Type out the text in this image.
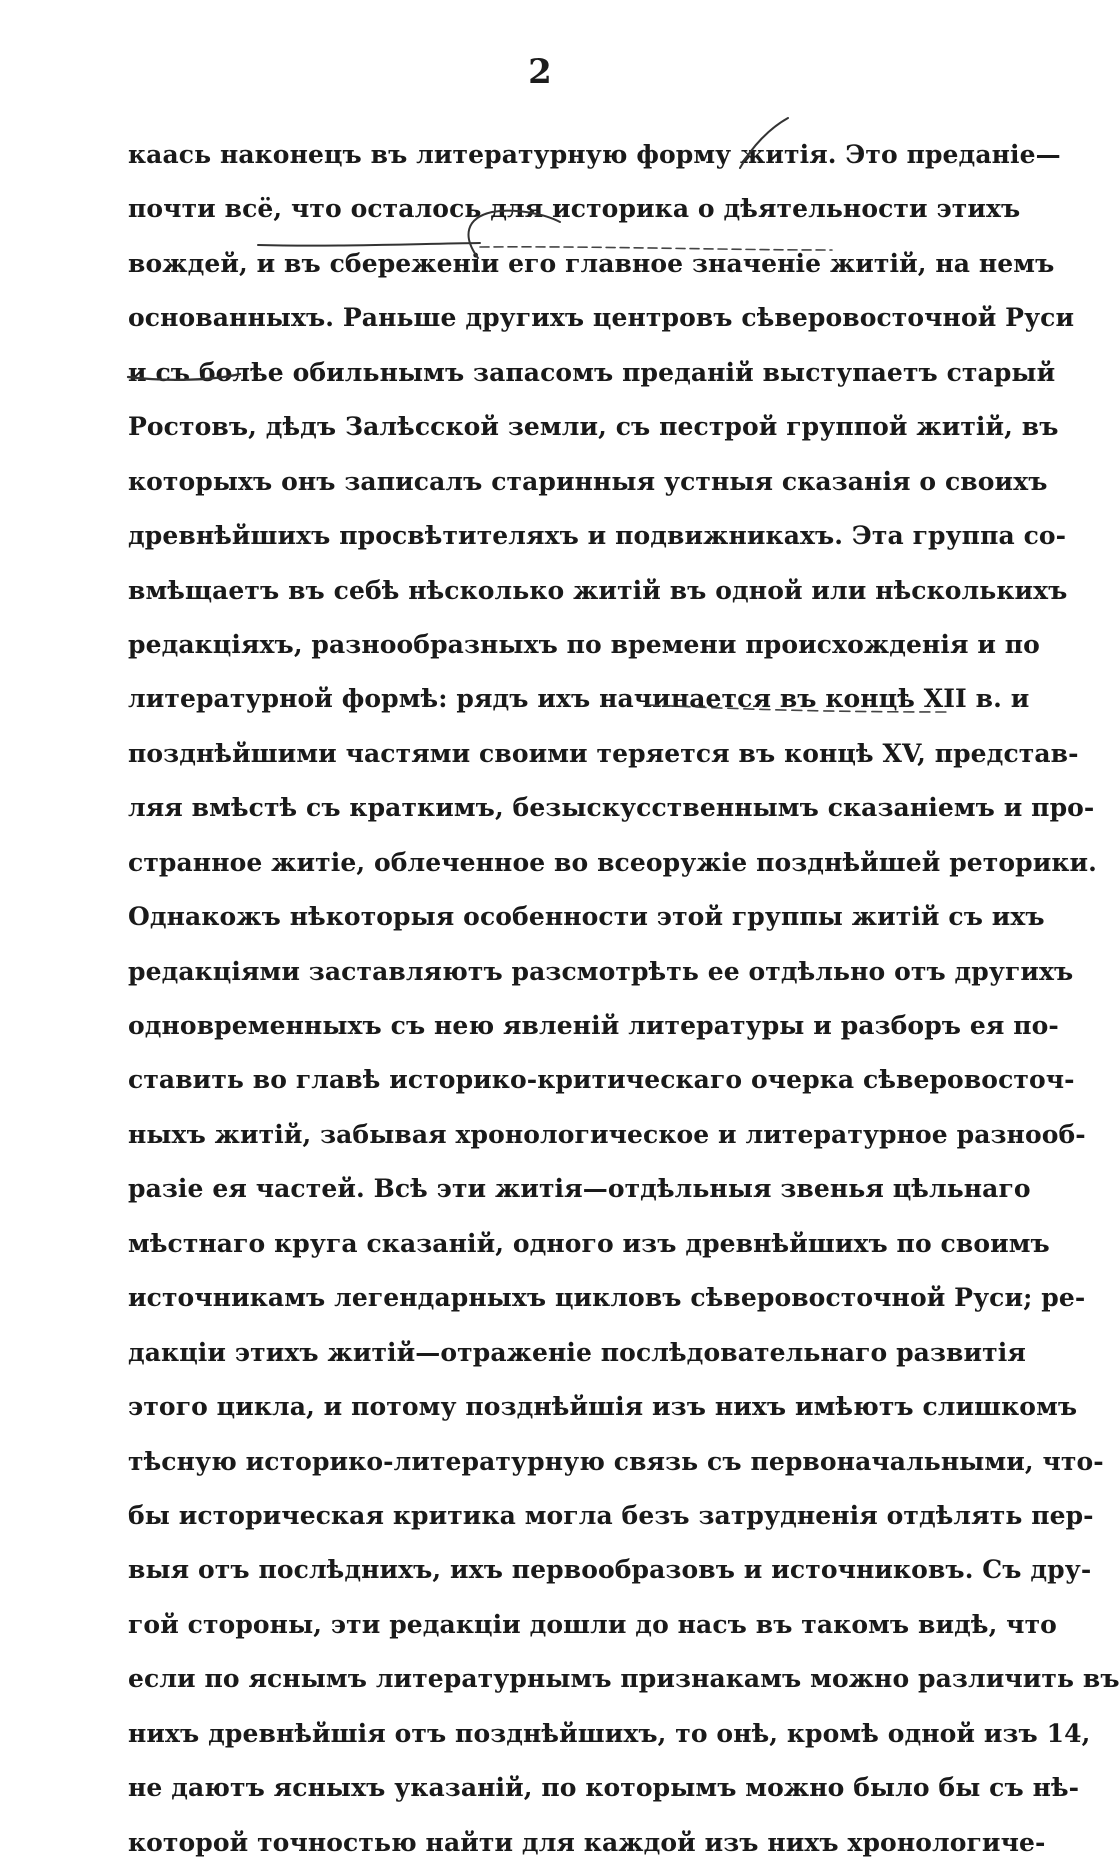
2
каась наконецъ въ литературную форму житія. Это преданіе—
почти всё, что осталось для историка о дѣятельности этихъ
вождей, и въ сбереженіи его главное значеніе житій, на немъ
основанныхъ. Раньше другихъ центровъ сѣверовосточной Руси
и съ болѣе обильнымъ запасомъ преданій выступаетъ старый
Ростовъ, дѣдъ Залѣсской земли, съ пестрой группой житій, въ
которыхъ онъ записалъ старинныя устныя сказанія о своихъ
древнѣйшихъ просвѣтителяхъ и подвижникахъ. Эта группа со-
вмѣщаетъ въ себѣ нѣсколько житій въ одной или нѣсколькихъ
редакціяхъ, разнообразныхъ по времени происхожденія и по
литературной формѣ: рядъ ихъ начинается въ концѣ XII в. и
позднѣйшими частями своими теряется въ концѣ XV, представ-
ляя вмѣстѣ съ краткимъ, безыскусственнымъ сказаніемъ и про-
странное житіе, облеченное во всеоружіе позднѣйшей реторики.
Однакожъ нѣкоторыя особенности этой группы житій съ ихъ
редакціями заставляютъ разсмотрѣть ее отдѣльно отъ другихъ
одновременныхъ съ нею явленій литературы и разборъ ея по-
ставить во главѣ историко-критическаго очерка сѣверовосточ-
ныхъ житій, забывая хронологическое и литературное разнооб-
разіе ея частей. Всѣ эти житія—отдѣльныя звенья цѣльнаго
мѣстнаго круга сказаній, одного изъ древнѣйшихъ по своимъ
источникамъ легендарныхъ цикловъ сѣверовосточной Руси; ре-
дакціи этихъ житій—отраженіе послѣдовательнаго развитія
этого цикла, и потому позднѣйшія изъ нихъ имѣютъ слишкомъ
тѣсную историко-литературную связь съ первоначальными, что-
бы историческая критика могла безъ затрудненія отдѣлять пер-
выя отъ послѣднихъ, ихъ первообразовъ и источниковъ. Съ дру-
гой стороны, эти редакціи дошли до насъ въ такомъ видѣ, что
если по яснымъ литературнымъ признакамъ можно различить въ
нихъ древнѣйшія отъ позднѣйшихъ, то онѣ, кромѣ одной изъ 14,
не даютъ ясныхъ указаній, по которымъ можно было бы съ нѣ-
которой точностью найти для каждой изъ нихъ хронологиче-
